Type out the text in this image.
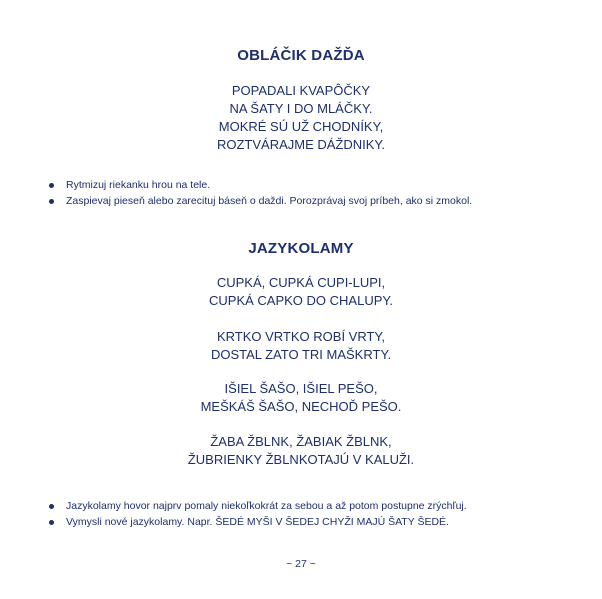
OBLÁČIK DAŽĎA
POPADALI KVAPÔČKY
NA ŠATY I DO MLÁČKY.
MOKRÉ SÚ UŽ CHODNÍKY,
ROZTVÁRAJME DÁŽDNIKY.
Rytmizuj riekanku hrou na tele.
Zaspievaj pieseň alebo zarecituj báseň o daždi. Porozprávaj svoj príbeh, ako si zmokol.
JAZYKOLAMY
CUPKÁ, CUPKÁ CUPI-LUPI,
CUPKÁ CAPKO DO CHALUPY.
KRTKO VRTKO ROBÍ VRTY,
DOSTAL ZATO TRI MAŠKRTY.
IŠIEL ŠAŠO, IŠIEL PEŠO,
MEŠKÁŠ ŠAŠO, NECHOĎ PEŠO.
ŽABA ŽBLNK, ŽABIAK ŽBLNK,
ŽUBRIENKY ŽBLNKOTAJÚ V KALUŽI.
Jazykolamy hovor najprv pomaly niekoľkokrát za sebou a až potom postupne zrýchľuj.
Vymysli nové jazykolamy. Napr. ŠEDÉ MYŠI V ŠEDEJ CHYŽI MAJÚ ŠATY ŠEDÉ.
~ 27 ~
